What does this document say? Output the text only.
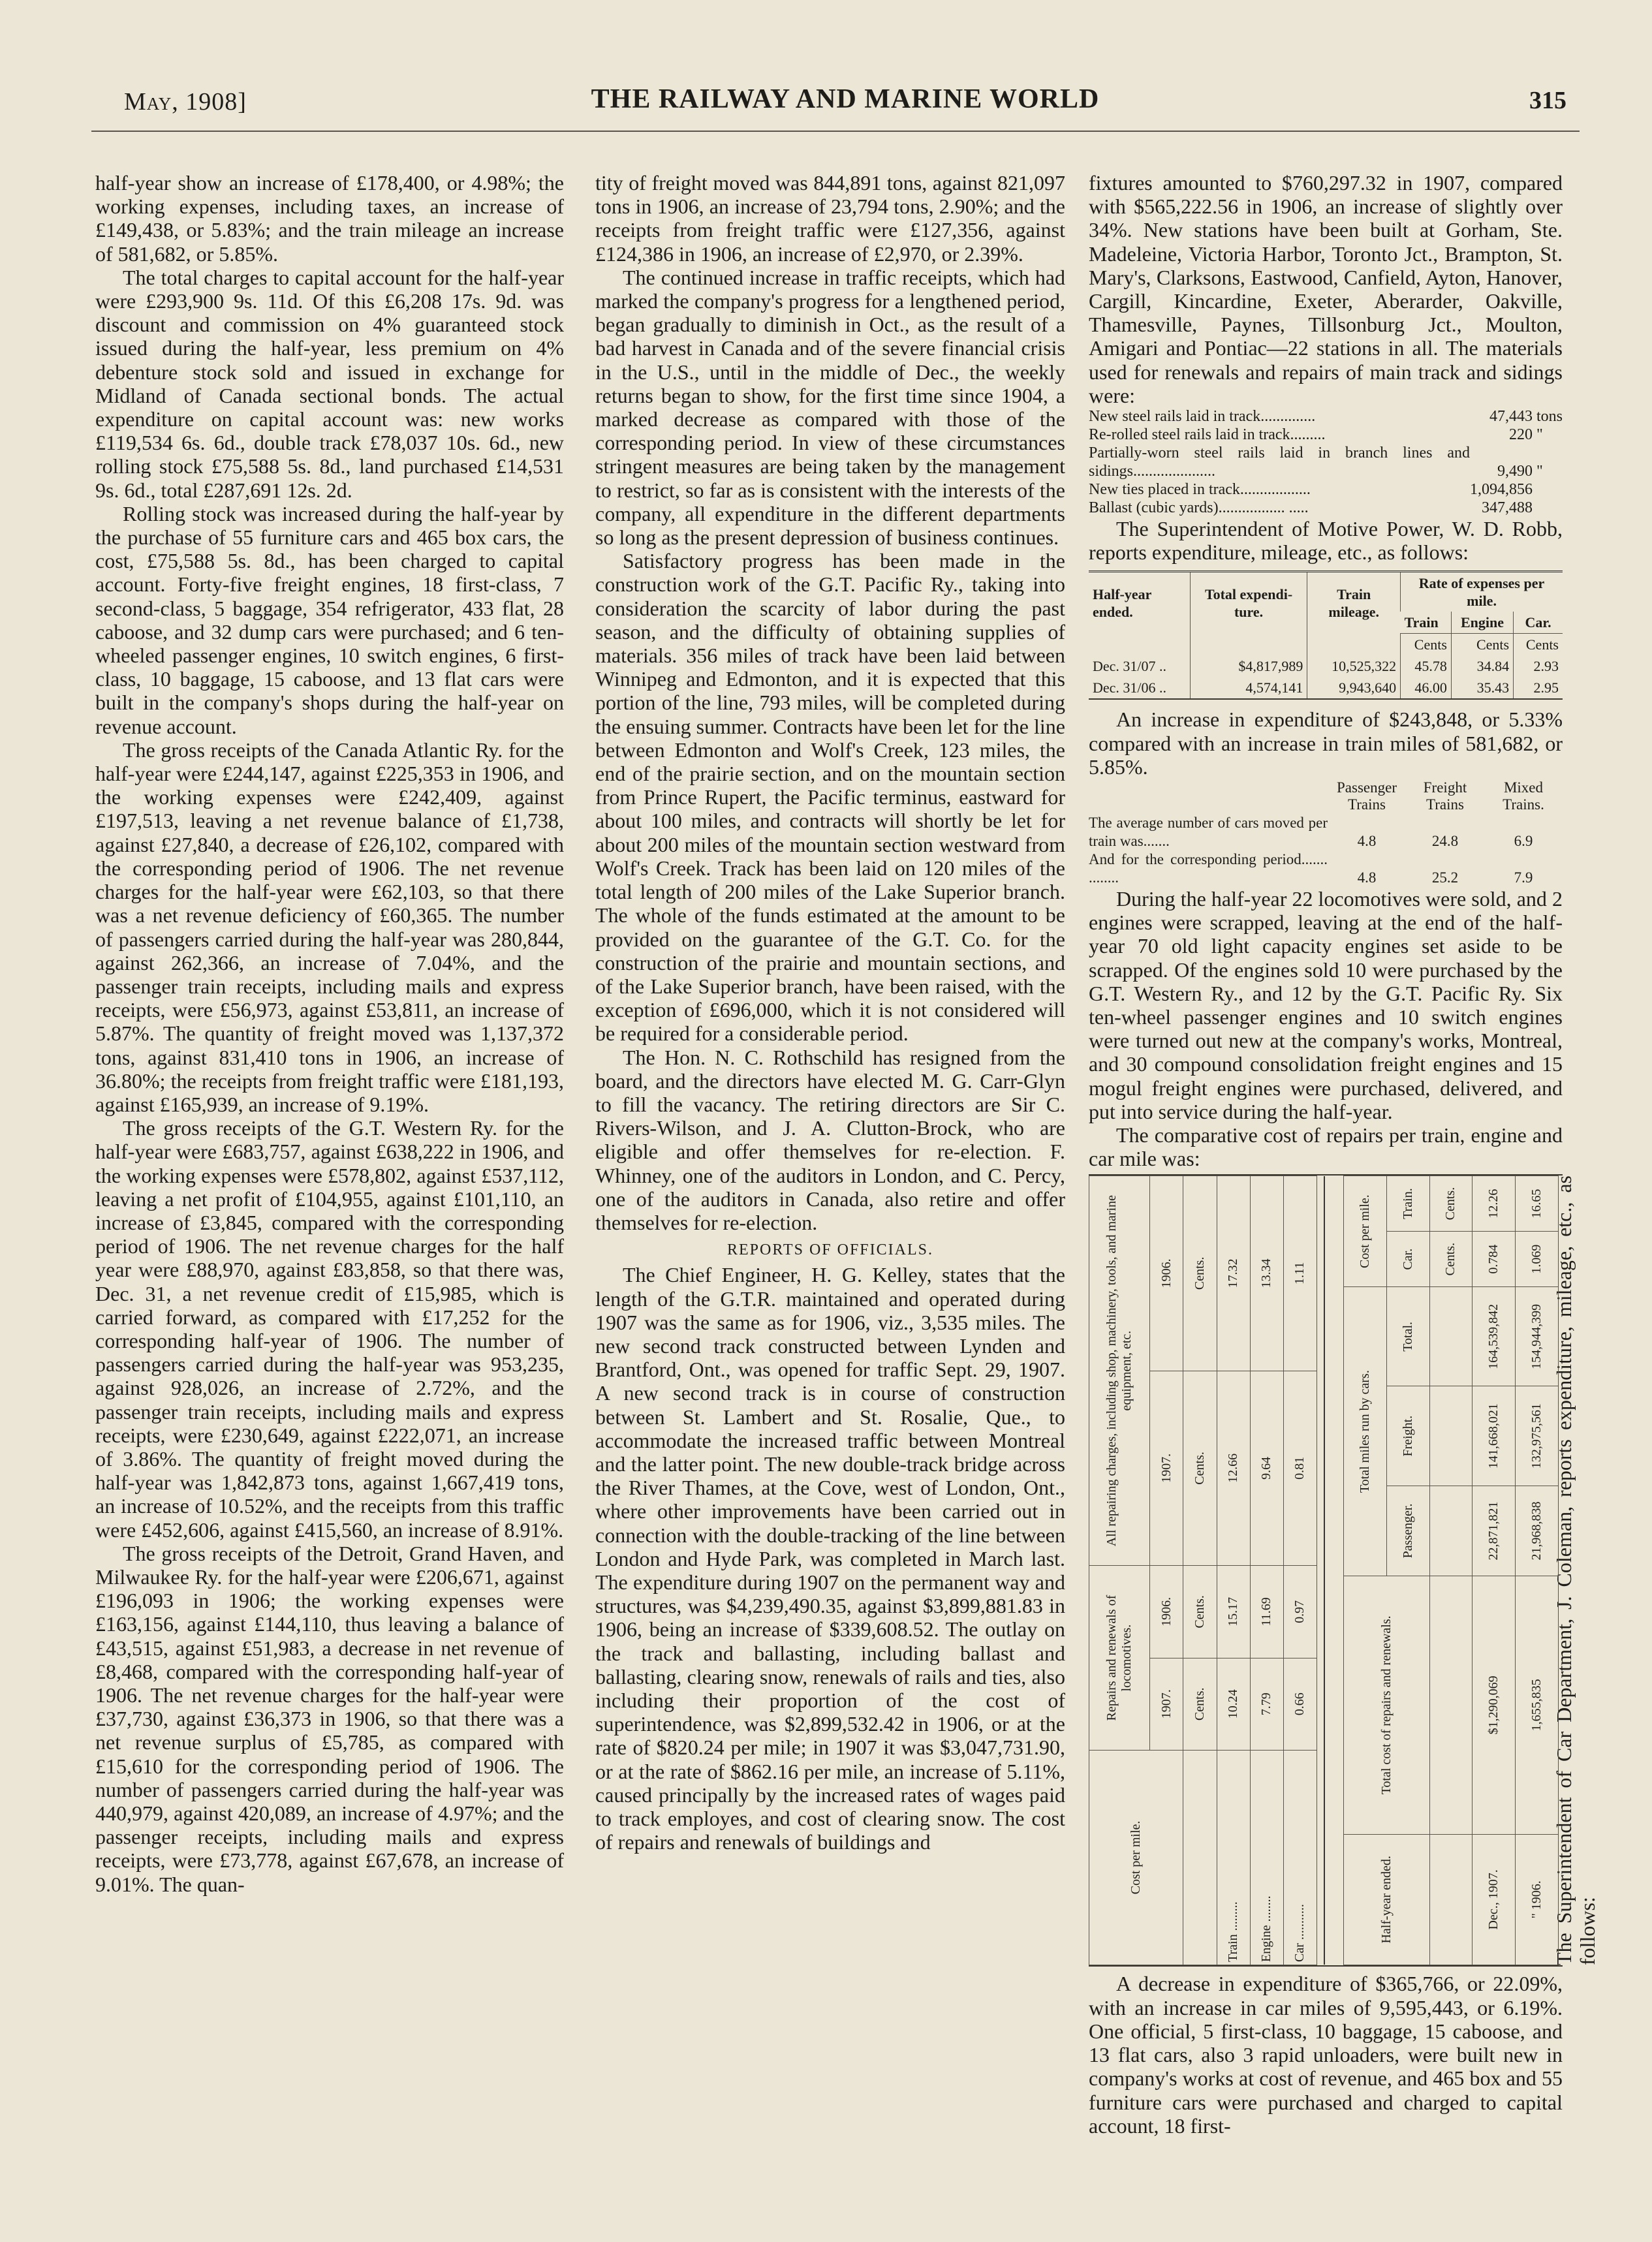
May, 1908]	THE RAILWAY AND MARINE WORLD	315

half-year show an increase of £178,400, or 4.98%; the working expenses, including taxes, an increase of £149,438, or 5.83%; and the train mileage an increase of 581,682, or 5.85%.

The total charges to capital account for the half-year were £293,900 9s. 11d. Of this £6,208 17s. 9d. was discount and commission on 4% guaranteed stock issued during the half-year, less premium on 4% debenture stock sold and issued in exchange for Midland of Canada sectional bonds. The actual expenditure on capital account was: new works £119,534 6s. 6d., double track £78,037 10s. 6d., new rolling stock £75,588 5s. 8d., land purchased £14,531 9s. 6d., total £287,691 12s. 2d.

Rolling stock was increased during the half-year by the purchase of 55 furniture cars and 465 box cars, the cost, £75,588 5s. 8d., has been charged to capital account. Forty-five freight engines, 18 first-class, 7 second-class, 5 baggage, 354 refrigerator, 433 flat, 28 caboose, and 32 dump cars were purchased; and 6 ten-wheeled passenger engines, 10 switch engines, 6 first-class, 10 baggage, 15 caboose, and 13 flat cars were built in the company's shops during the half-year on revenue account.

The gross receipts of the Canada Atlantic Ry. for the half-year were £244,147, against £225,353 in 1906, and the working expenses were £242,409, against £197,513, leaving a net revenue balance of £1,738, against £27,840, a decrease of £26,102, compared with the corresponding period of 1906. The net revenue charges for the half-year were £62,103, so that there was a net revenue deficiency of £60,365. The number of passengers carried during the half-year was 280,844, against 262,366, an increase of 7.04%, and the passenger train receipts, including mails and express receipts, were £56,973, against £53,811, an increase of 5.87%. The quantity of freight moved was 1,137,372 tons, against 831,410 tons in 1906, an increase of 36.80%; the receipts from freight traffic were £181,193, against £165,939, an increase of 9.19%.

The gross receipts of the G.T. Western Ry. for the half-year were £683,757, against £638,222 in 1906, and the working expenses were £578,802, against £537,112, leaving a net profit of £104,955, against £101,110, an increase of £3,845, compared with the corresponding period of 1906. The net revenue charges for the half year were £88,970, against £83,858, so that there was, Dec. 31, a net revenue credit of £15,985, which is carried forward, as compared with £17,252 for the corresponding half-year of 1906. The number of passengers carried during the half-year was 953,235, against 928,026, an increase of 2.72%, and the passenger train receipts, including mails and express receipts, were £230,649, against £222,071, an increase of 3.86%. The quantity of freight moved during the half-year was 1,842,873 tons, against 1,667,419 tons, an increase of 10.52%, and the receipts from this traffic were £452,606, against £415,560, an increase of 8.91%.

The gross receipts of the Detroit, Grand Haven, and Milwaukee Ry. for the half-year were £206,671, against £196,093 in 1906; the working expenses were £163,156, against £144,110, thus leaving a balance of £43,515, against £51,983, a decrease in net revenue of £8,468, compared with the corresponding half-year of 1906. The net revenue charges for the half-year were £37,730, against £36,373 in 1906, so that there was a net revenue surplus of £5,785, as compared with £15,610 for the corresponding period of 1906. The number of passengers carried during the half-year was 440,979, against 420,089, an increase of 4.97%; and the passenger receipts, including mails and express receipts, were £73,778, against £67,678, an increase of 9.01%. The quan-

tity of freight moved was 844,891 tons, against 821,097 tons in 1906, an increase of 23,794 tons, 2.90%; and the receipts from freight traffic were £127,356, against £124,386 in 1906, an increase of £2,970, or 2.39%.

The continued increase in traffic receipts, which had marked the company's progress for a lengthened period, began gradually to diminish in Oct., as the result of a bad harvest in Canada and of the severe financial crisis in the U.S., until in the middle of Dec., the weekly returns began to show, for the first time since 1904, a marked decrease as compared with those of the corresponding period. In view of these circumstances stringent measures are being taken by the management to restrict, so far as is consistent with the interests of the company, all expenditure in the different departments so long as the present depression of business continues.

Satisfactory progress has been made in the construction work of the G.T. Pacific Ry., taking into consideration the scarcity of labor during the past season, and the difficulty of obtaining supplies of materials. 356 miles of track have been laid between Winnipeg and Edmonton, and it is expected that this portion of the line, 793 miles, will be completed during the ensuing summer. Contracts have been let for the line between Edmonton and Wolf's Creek, 123 miles, the end of the prairie section, and on the mountain section from Prince Rupert, the Pacific terminus, eastward for about 100 miles, and contracts will shortly be let for about 200 miles of the mountain section westward from Wolf's Creek. Track has been laid on 120 miles of the total length of 200 miles of the Lake Superior branch. The whole of the funds estimated at the amount to be provided on the guarantee of the G.T. Co. for the construction of the prairie and mountain sections, and of the Lake Superior branch, have been raised, with the exception of £696,000, which it is not considered will be required for a considerable period.

The Hon. N. C. Rothschild has resigned from the board, and the directors have elected M. G. Carr-Glyn to fill the vacancy. The retiring directors are Sir C. Rivers-Wilson, and J. A. Clutton-Brock, who are eligible and offer themselves for re-election. F. Whinney, one of the auditors in London, and C. Percy, one of the auditors in Canada, also retire and offer themselves for re-election.

REPORTS OF OFFICIALS.

The Chief Engineer, H. G. Kelley, states that the length of the G.T.R. maintained and operated during 1907 was the same as for 1906, viz., 3,535 miles. The new second track constructed between Lynden and Brantford, Ont., was opened for traffic Sept. 29, 1907. A new second track is in course of construction between St. Lambert and St. Rosalie, Que., to accommodate the increased traffic between Montreal and the latter point. The new double-track bridge across the River Thames, at the Cove, west of London, Ont., where other improvements have been carried out in connection with the double-tracking of the line between London and Hyde Park, was completed in March last. The expenditure during 1907 on the permanent way and structures, was $4,239,490.35, against $3,899,881.83 in 1906, being an increase of $339,608.52. The outlay on the track and ballasting, including ballast and ballasting, clearing snow, renewals of rails and ties, also including their proportion of the cost of superintendence, was $2,899,532.42 in 1906, or at the rate of $820.24 per mile; in 1907 it was $3,047,731.90, or at the rate of $862.16 per mile, an increase of 5.11%, caused principally by the increased rates of wages paid to track employes, and cost of clearing snow. The cost of repairs and renewals of buildings and

fixtures amounted to $760,297.32 in 1907, compared with $565,222.56 in 1906, an increase of slightly over 34%. New stations have been built at Gorham, Ste. Madeleine, Victoria Harbor, Toronto Jct., Brampton, St. Mary's, Clarksons, Eastwood, Canfield, Ayton, Hanover, Cargill, Kincardine, Exeter, Aberarder, Oakville, Thamesville, Paynes, Tillsonburg Jct., Moulton, Amigari and Pontiac—22 stations in all. The materials used for renewals and repairs of main track and sidings were:

New steel rails laid in track..............	47,443	tons
Re-rolled steel rails laid in track.........	220	"
Partially-worn steel rails laid in branch lines and sidings.....................	9,490	"
New ties placed in track..................	1,094,856	
Ballast (cubic yards)................. .....	347,488	

The Superintendent of Motive Power, W. D. Robb, reports expenditure, mileage, etc., as follows:

Half-year ended.	Total expendi-ture.	Train mileage.	Rate of expenses per mile.		
			Train	Engine	Car.
			Cents	Cents	Cents
Dec. 31/07 ..	$4,817,989	10,525,322	45.78	34.84	2.93
Dec. 31/06 ..	4,574,141	9,943,640	46.00	35.43	2.95

An increase in expenditure of $243,848, or 5.33% compared with an increase in train miles of 581,682, or 5.85%.

	Passenger Trains	Freight Trains	Mixed Trains.
The average number of cars moved per train was.......	4.8	24.8	6.9
And for the corresponding period....... ........	4.8	25.2	7.9

During the half-year 22 locomotives were sold, and 2 engines were scrapped, leaving at the end of the half-year 70 old light capacity engines set aside to be scrapped. Of the engines sold 10 were purchased by the G.T. Western Ry., and 12 by the G.T. Pacific Ry. Six ten-wheel passenger engines and 10 switch engines were turned out new at the company's works, Montreal, and 30 compound consolidation freight engines and 15 mogul freight engines were purchased, delivered, and put into service during the half-year.

The comparative cost of repairs per train, engine and car mile was:

Cost per mile.	Repairs and renewals of locomotives.		All repairing charges, including shop, machinery, tools, and marine equipment, etc.	
	1907.	1906.	1907.	1906.
	Cents.	Cents.	Cents.	Cents.
Train .........	10.24	15.17	12.66	17.32
Engine ........	7.79	11.69	9.64	13.34
Car ...........	0.66	0.97	0.81	1.11	The Superintendent of Car Department, J. Coleman, reports expenditure, mileage, etc., as follows:
Half-year ended.	Total cost of repairs and renewals.	Total miles run by cars.			Cost per mile.	
		Passenger.	Freight.	Total.	Car.	Train.
					Cents.	Cents.
Dec., 1907.	$1,290,069	22,871,821	141,668,021	164,539,842	0.784	12.26
" 1906.	1,655,835	21,968,838	132,975,561	154,944,399	1.069	16.65

A decrease in expenditure of $365,766, or 22.09%, with an increase in car miles of 9,595,443, or 6.19%. One official, 5 first-class, 10 baggage, 15 caboose, and 13 flat cars, also 3 rapid unloaders, were built new in company's works at cost of revenue, and 465 box and 55 furniture cars were purchased and charged to capital account, 18 first-
